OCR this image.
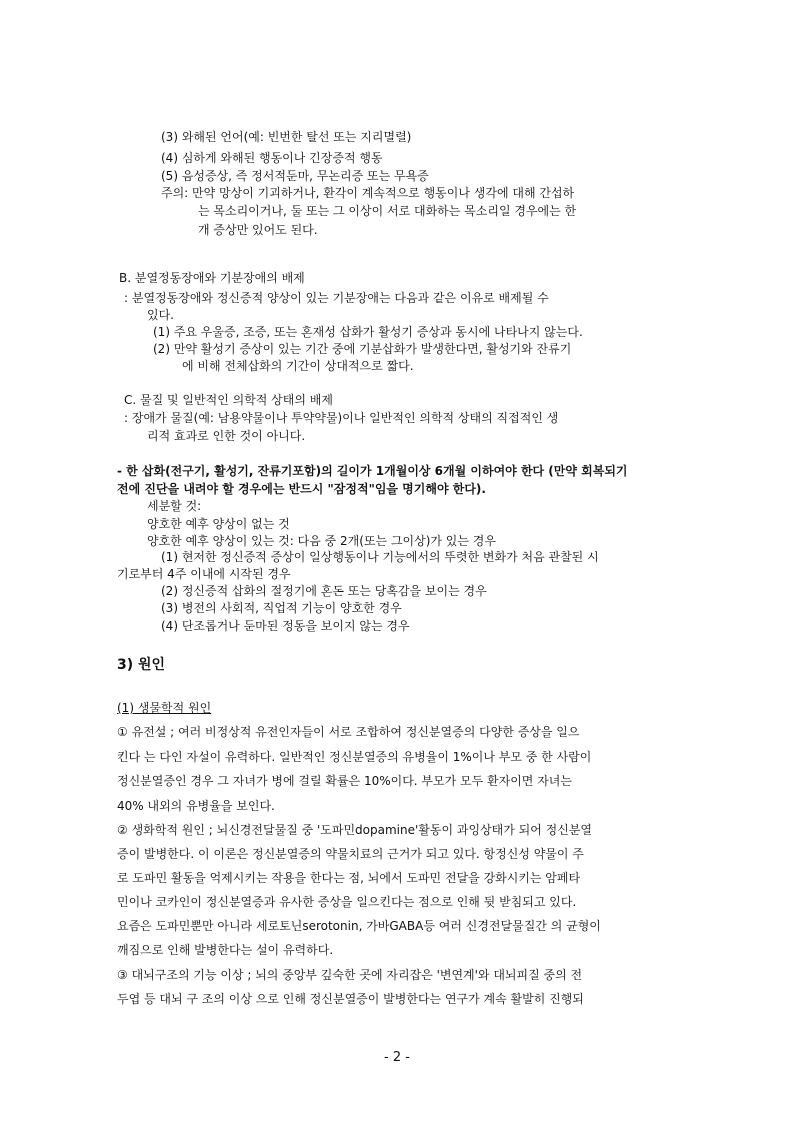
(3) 와해된 언어(예: 빈번한 탈선 또는 지리멸렬)
(4) 심하게 와해된 행동이나 긴장증적 행동
(5) 음성증상, 즉 정서적둔마, 무논리증 또는 무욕증
주의: 만약 망상이 기괴하거나, 환각이 계속적으로 행동이나 생각에 대해 간섭하
는 목소리이거나, 둘 또는 그 이상이 서로 대화하는 목소리일 경우에는 한
개 증상만 있어도 된다.
B. 분열정동장애와 기분장애의 배제
: 분열정동장애와 정신증적 양상이 있는 기분장애는 다음과 같은 이유로 배제될 수
있다.
(1) 주요 우울증, 조증, 또는 혼재성 삽화가 활성기 증상과 동시에 나타나지 않는다.
(2) 만약 활성기 증상이 있는 기간 중에 기분삽화가 발생한다면, 활성기와 잔류기
에 비해 전체삽화의 기간이 상대적으로 짧다.
C. 물질 및 일반적인 의학적 상태의 배제
: 장애가 물질(예: 남용약물이나 투약약물)이나 일반적인 의학적 상태의 직접적인 생
리적 효과로 인한 것이 아니다.
- 한 삽화(전구기, 활성기, 잔류기포함)의 길이가 1개월이상 6개월 이하여야 한다 (만약 회복되기
전에 진단을 내려야 할 경우에는 반드시 "잠정적"임을 명기해야 한다).
세분할 것:
양호한 예후 양상이 없는 것
양호한 예후 양상이 있는 것: 다음 중 2개(또는 그이상)가 있는 경우
(1) 현저한 정신증적 증상이 일상행동이나 기능에서의 뚜렷한 변화가 처음 관찰된 시
기로부터 4주 이내에 시작된 경우
(2) 정신증적 삽화의 절정기에 혼돈 또는 당혹감을 보이는 경우
(3) 병전의 사회적, 직업적 기능이 양호한 경우
(4) 단조롭거나 둔마된 정동을 보이지 않는 경우
3) 원인
(1) 생물학적 원인
① 유전설 ; 여러 비정상적 유전인자들이 서로 조합하여 정신분열증의 다양한 증상을 일으
킨다 는 다인 자설이 유력하다. 일반적인 정신분열증의 유병율이 1%이나 부모 중 한 사람이
정신분열증인 경우 그 자녀가 병에 걸릴 확률은 10%이다. 부모가 모두 환자이면 자녀는
40% 내외의 유병율을 보인다.
② 생화학적 원인 ; 뇌신경전달물질 중 '도파민dopamine'활동이 과잉상태가 되어 정신분열
증이 발병한다. 이 이론은 정신분열증의 약물치료의 근거가 되고 있다. 항정신성 약물이 주
로 도파민 활동을 억제시키는 작용을 한다는 점, 뇌에서 도파민 전달을 강화시키는 암페타
민이나 코카인이 정신분열증과 유사한 증상을 일으킨다는 점으로 인해 뒷 받침되고 있다.
요즘은 도파민뿐만 아니라 세로토닌serotonin, 가바GABA등 여러 신경전달물질간 의 균형이
깨짐으로 인해 발병한다는 설이 유력하다.
③ 대뇌구조의 기능 이상 ; 뇌의 중앙부 깊숙한 곳에 자리잡은 '변연계'와 대뇌피질 중의 전
두엽 등 대뇌 구 조의 이상 으로 인해 정신분열증이 발병한다는 연구가 계속 활발히 진행되
- 2 -
